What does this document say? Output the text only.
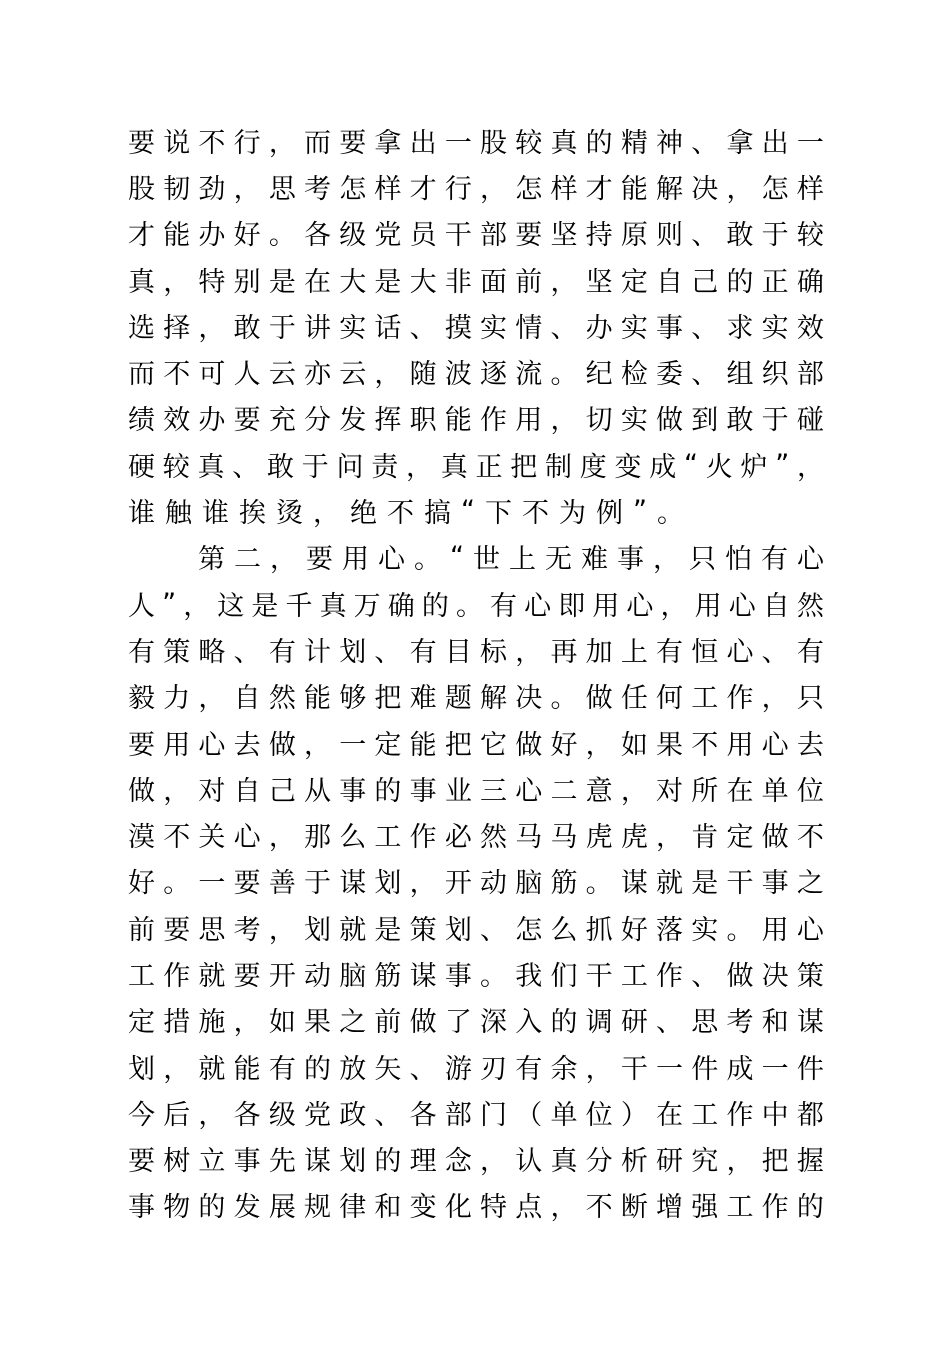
要 说 不 行 ， 而 要 拿 出 一 股 较 真 的 精 神 、 拿 出 一
股 韧 劲 ， 思 考 怎 样 才 行 ， 怎 样 才 能 解 决 ， 怎 样
才 能 办 好 。 各 级 党 员 干 部 要 坚 持 原 则 、 敢 于 较
真 ， 特 别 是 在 大 是 大 非 面 前 ， 坚 定 自 己 的 正 确
选 择 ， 敢 于 讲 实 话 、 摸 实 情 、 办 实 事 、 求 实 效
而 不 可 人 云 亦 云 ， 随 波 逐 流 。 纪 检 委 、 组 织 部
绩 效 办 要 充 分 发 挥 职 能 作 用 ， 切 实 做 到 敢 于 碰
硬 较 真 、 敢 于 问 责 ， 真 正 把 制 度 变 成 “ 火 炉 ” ，
谁 触 谁 挨 烫 ， 绝 不 搞 “ 下 不 为 例 ” 。
第 二 ， 要 用 心 。 “ 世 上 无 难 事 ， 只 怕 有 心
人 ” ， 这 是 千 真 万 确 的 。 有 心 即 用 心 ， 用 心 自 然
有 策 略 、 有 计 划 、 有 目 标 ， 再 加 上 有 恒 心 、 有
毅 力 ， 自 然 能 够 把 难 题 解 决 。 做 任 何 工 作 ， 只
要 用 心 去 做 ， 一 定 能 把 它 做 好 ， 如 果 不 用 心 去
做 ， 对 自 己 从 事 的 事 业 三 心 二 意 ， 对 所 在 单 位
漠 不 关 心 ， 那 么 工 作 必 然 马 马 虎 虎 ， 肯 定 做 不
好 。 一 要 善 于 谋 划 ， 开 动 脑 筋 。 谋 就 是 干 事 之
前 要 思 考 ， 划 就 是 策 划 、 怎 么 抓 好 落 实 。 用 心
工 作 就 要 开 动 脑 筋 谋 事 。 我 们 干 工 作 、 做 决 策
定 措 施 ， 如 果 之 前 做 了 深 入 的 调 研 、 思 考 和 谋
划 ， 就 能 有 的 放 矢 、 游 刃 有 余 ， 干 一 件 成 一 件
今 后 ， 各 级 党 政 、 各 部 门 （ 单 位 ） 在 工 作 中 都
要 树 立 事 先 谋 划 的 理 念 ， 认 真 分 析 研 究 ， 把 握
事 物 的 发 展 规 律 和 变 化 特 点 ， 不 断 增 强 工 作 的
